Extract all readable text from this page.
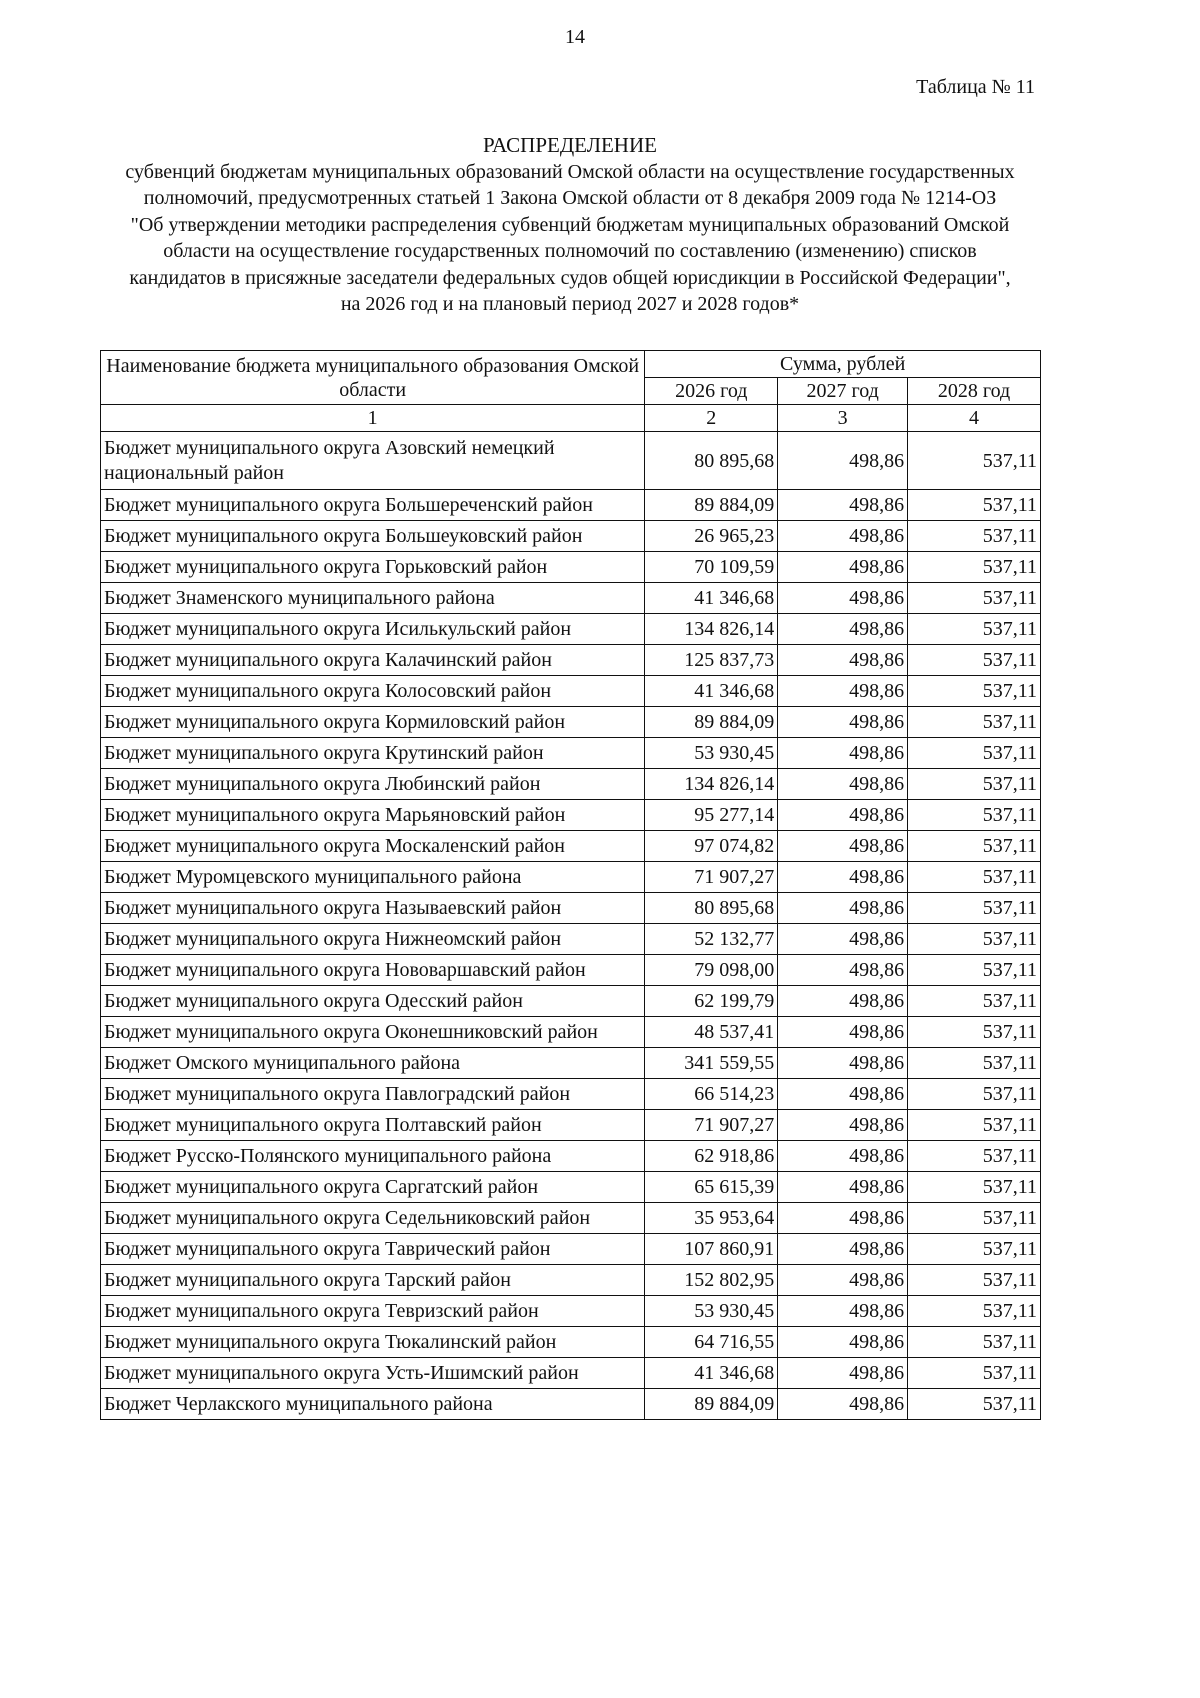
14
Таблица № 11
РАСПРЕДЕЛЕНИЕ
субвенций бюджетам муниципальных образований Омской области на осуществление государственных
полномочий, предусмотренных статьей 1 Закона Омской области от 8 декабря 2009 года № 1214-ОЗ
"Об утверждении методики распределения субвенций бюджетам муниципальных образований Омской
области на осуществление государственных полномочий по составлению (изменению) списков
кандидатов в присяжные заседатели федеральных судов общей юрисдикции в Российской Федерации",
на 2026 год и на плановый период 2027 и 2028 годов*
Наименование бюджета муниципального образования Омской области	Сумма, рублей		
	2026 год	2027 год	2028 год
1	2	3	4
Бюджет муниципального округа Азовский немецкий национальный район	80 895,68	498,86	537,11
Бюджет муниципального округа Большереченский район	89 884,09	498,86	537,11
Бюджет муниципального округа Большеуковский район	26 965,23	498,86	537,11
Бюджет муниципального округа Горьковский район	70 109,59	498,86	537,11
Бюджет Знаменского муниципального района	41 346,68	498,86	537,11
Бюджет муниципального округа Исилькульский район	134 826,14	498,86	537,11
Бюджет муниципального округа Калачинский район	125 837,73	498,86	537,11
Бюджет муниципального округа Колосовский район	41 346,68	498,86	537,11
Бюджет муниципального округа Кормиловский район	89 884,09	498,86	537,11
Бюджет муниципального округа Крутинский район	53 930,45	498,86	537,11
Бюджет муниципального округа Любинский район	134 826,14	498,86	537,11
Бюджет муниципального округа Марьяновский район	95 277,14	498,86	537,11
Бюджет муниципального округа Москаленский район	97 074,82	498,86	537,11
Бюджет Муромцевского муниципального района	71 907,27	498,86	537,11
Бюджет муниципального округа Называевский район	80 895,68	498,86	537,11
Бюджет муниципального округа Нижнеомский район	52 132,77	498,86	537,11
Бюджет муниципального округа Нововаршавский район	79 098,00	498,86	537,11
Бюджет муниципального округа Одесский район	62 199,79	498,86	537,11
Бюджет муниципального округа Оконешниковский район	48 537,41	498,86	537,11
Бюджет Омского муниципального района	341 559,55	498,86	537,11
Бюджет муниципального округа Павлоградский район	66 514,23	498,86	537,11
Бюджет муниципального округа Полтавский район	71 907,27	498,86	537,11
Бюджет Русско-Полянского муниципального района	62 918,86	498,86	537,11
Бюджет муниципального округа Саргатский район	65 615,39	498,86	537,11
Бюджет муниципального округа Седельниковский район	35 953,64	498,86	537,11
Бюджет муниципального округа Таврический район	107 860,91	498,86	537,11
Бюджет муниципального округа Тарский район	152 802,95	498,86	537,11
Бюджет муниципального округа Тевризский район	53 930,45	498,86	537,11
Бюджет муниципального округа Тюкалинский район	64 716,55	498,86	537,11
Бюджет муниципального округа Усть-Ишимский район	41 346,68	498,86	537,11
Бюджет Черлакского муниципального района	89 884,09	498,86	537,11
